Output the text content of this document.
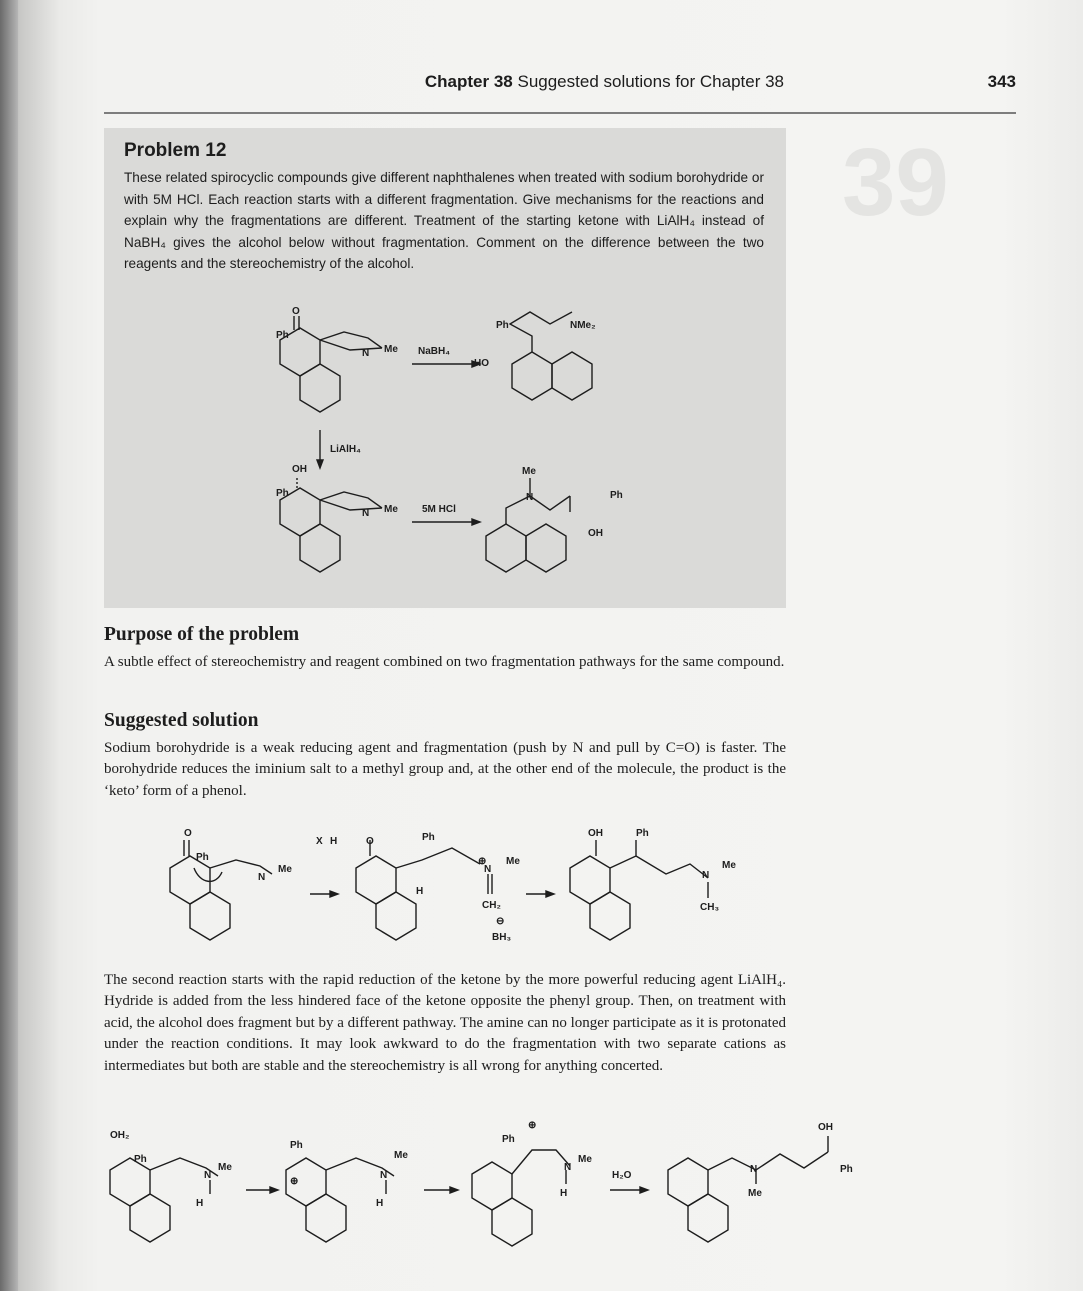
Chapter 38 Suggested solutions for Chapter 38	343
39
Problem 12
These related spirocyclic compounds give different naphthalenes when treated with sodium borohydride or with 5M HCl. Each reaction starts with a different fragmentation. Give mechanisms for the reactions and explain why the fragmentations are different. Treatment of the starting ketone with LiAlH₄ instead of NaBH₄ gives the alcohol below without fragmentation. Comment on the difference between the two reagents and the stereochemistry of the alcohol.
O
Ph
N Me NaBH₄
Ph	NMe₂
HO
LiAlH₄
OH
Ph
N Me 5M HCl
Me
N	Ph
OH
Purpose of the problem
A subtle effect of stereochemistry and reagent combined on two fragmentation pathways for the same compound.
Suggested solution
Sodium borohydride is a weak reducing agent and fragmentation (push by N and pull by C=O) is faster. The borohydride reduces the iminium salt to a methyl group and, at the other end of the molecule, the product is the ‘keto’ form of a phenol.
O
Ph
N
Me
X H	O	Ph
H
⊕
N
Me
CH₂
⊖
BH₃
OH	Ph
N
Me
CH₃
The second reaction starts with the rapid reduction of the ketone by the more powerful reducing agent LiAlH₄. Hydride is added from the less hindered face of the ketone opposite the phenyl group. Then, on treatment with acid, the alcohol does fragment but by a different pathway. The amine can no longer participate as it is protonated under the reaction conditions. It may look awkward to do the fragmentation with two separate cations as intermediates but both are stable and the stereochemistry is all wrong for anything concerted.
OH₂
Ph
N
Me
H
Ph
⊕
N
Me
H
⊕
Ph
N
Me
H
H₂O
N
Me
OH
Ph
